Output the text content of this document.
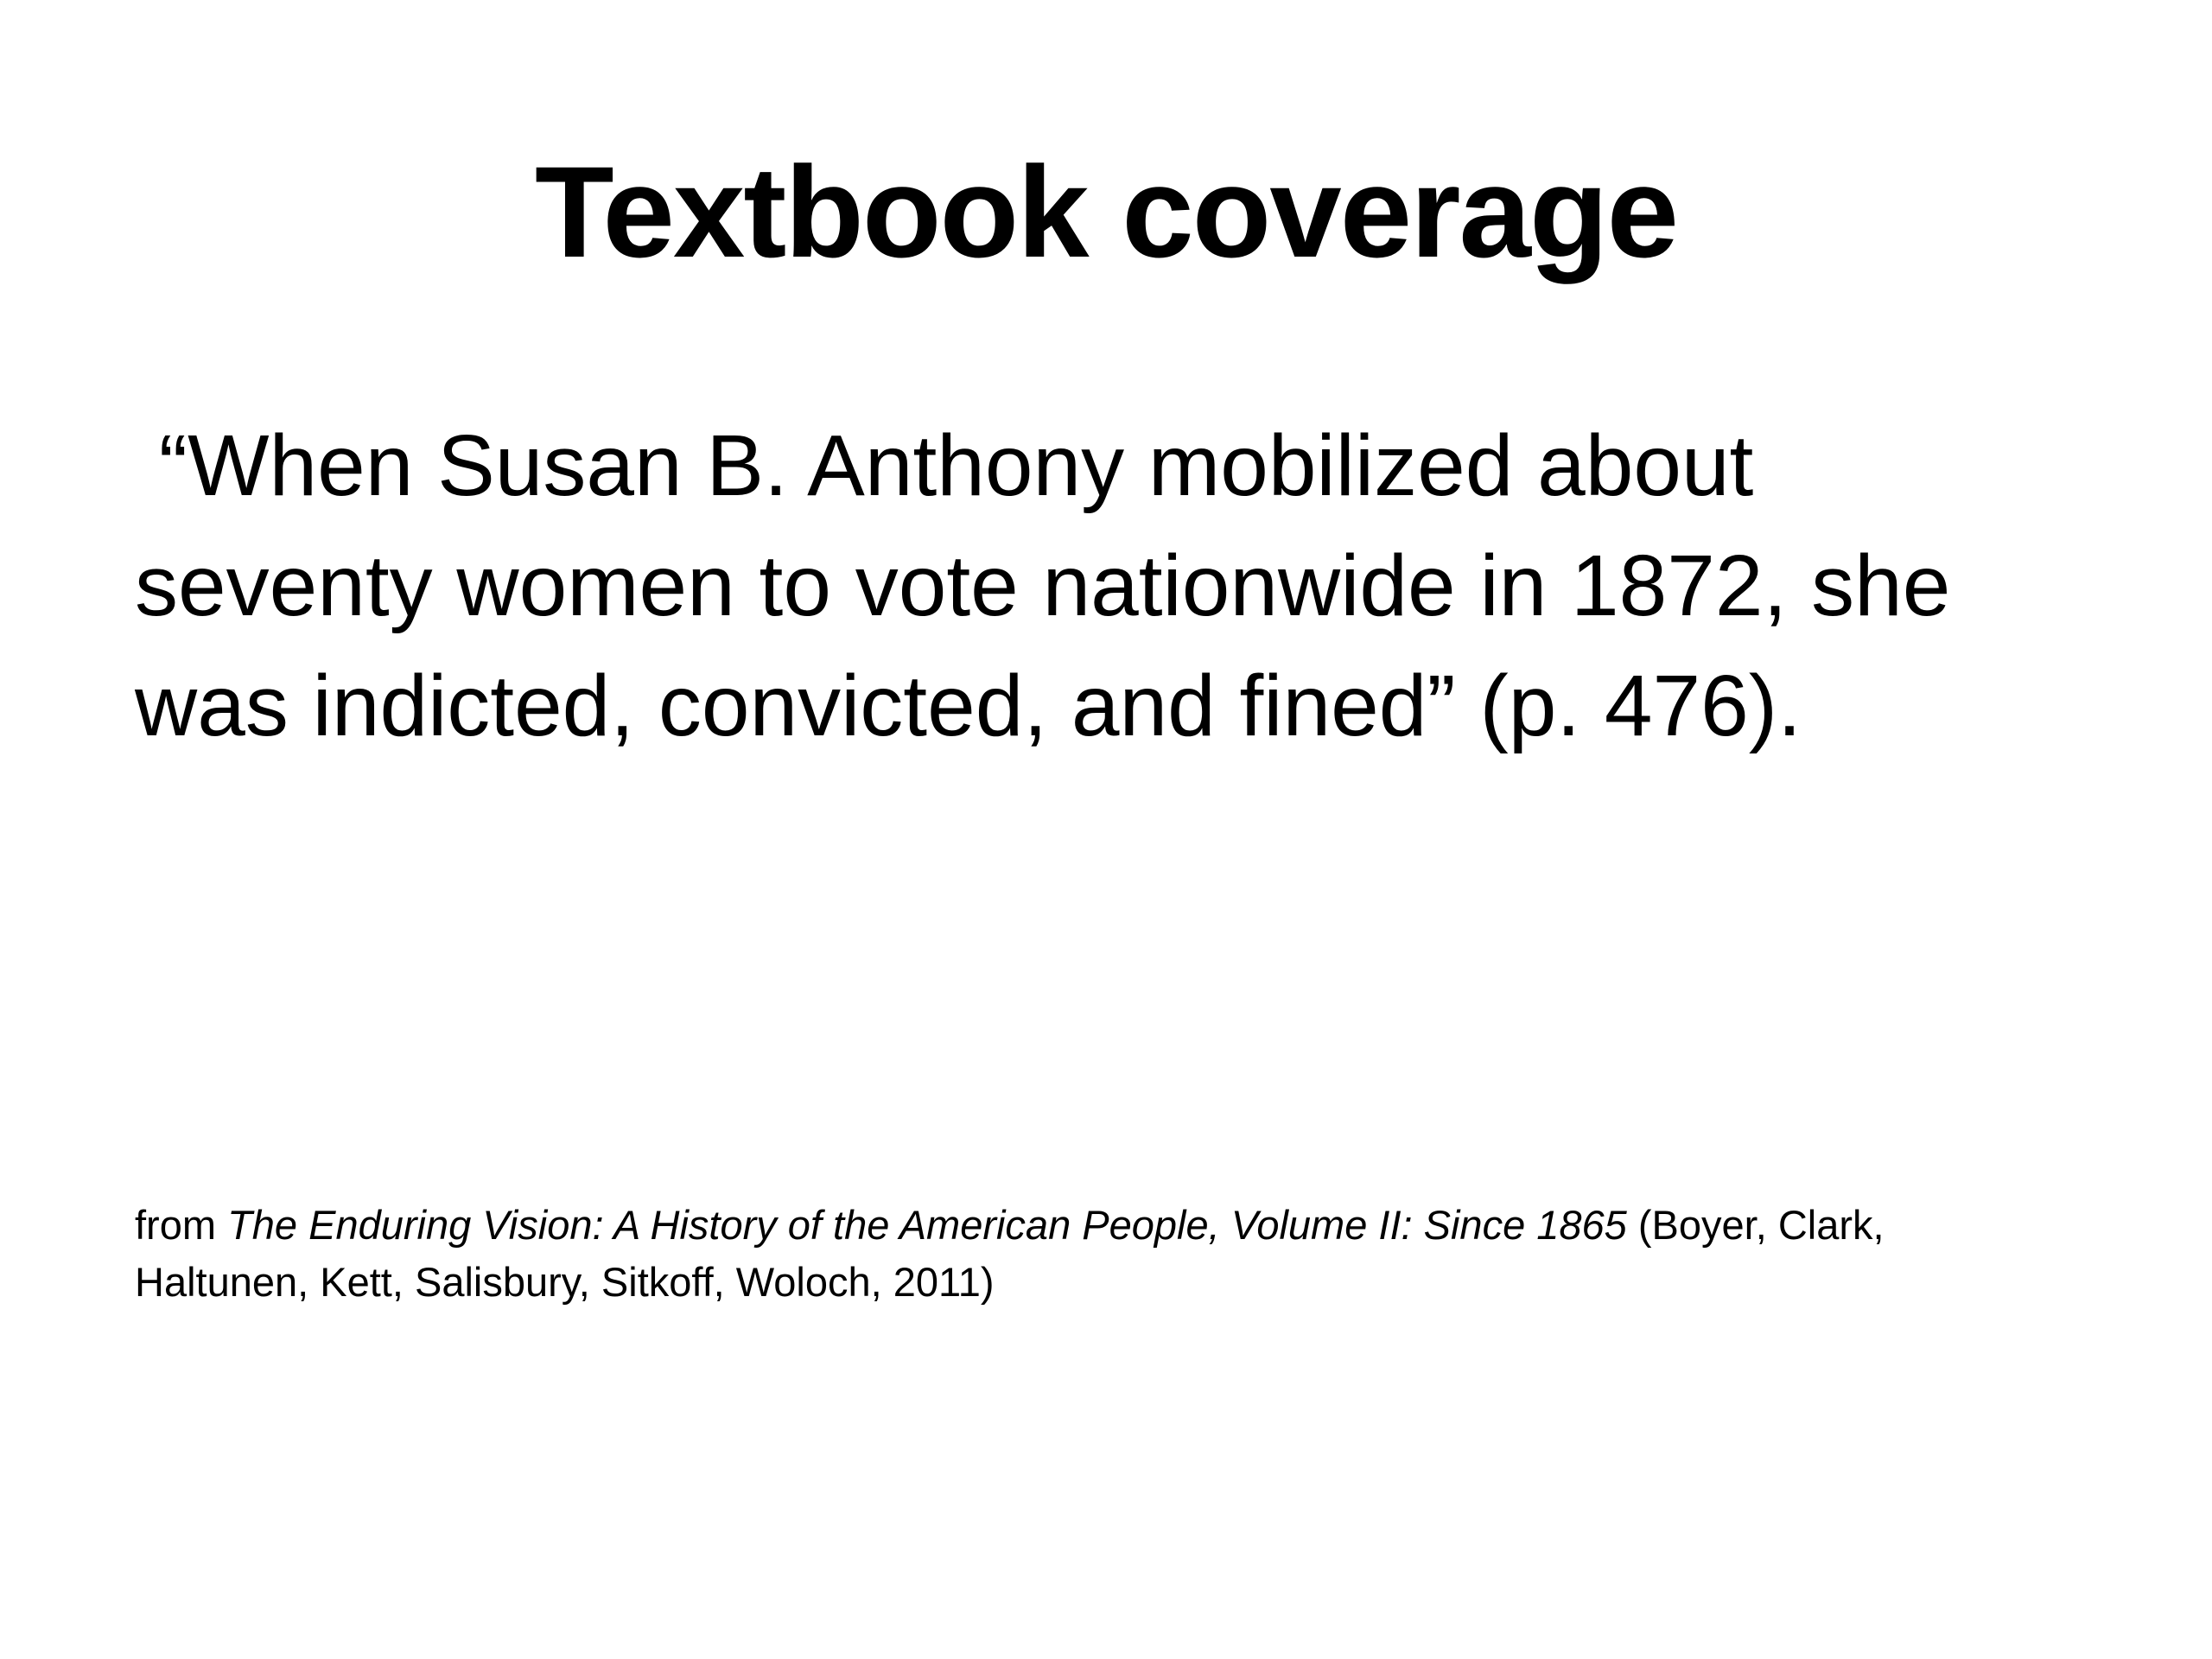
Textbook coverage

“When Susan B. Anthony mobilized about
seventy women to vote nationwide in 1872, she
was indicted, convicted, and fined” (p. 476).

from The Enduring Vision: A History of the American People, Volume II: Since 1865 (Boyer, Clark,
Haltunen, Kett, Salisbury, Sitkoff, Woloch, 2011)
